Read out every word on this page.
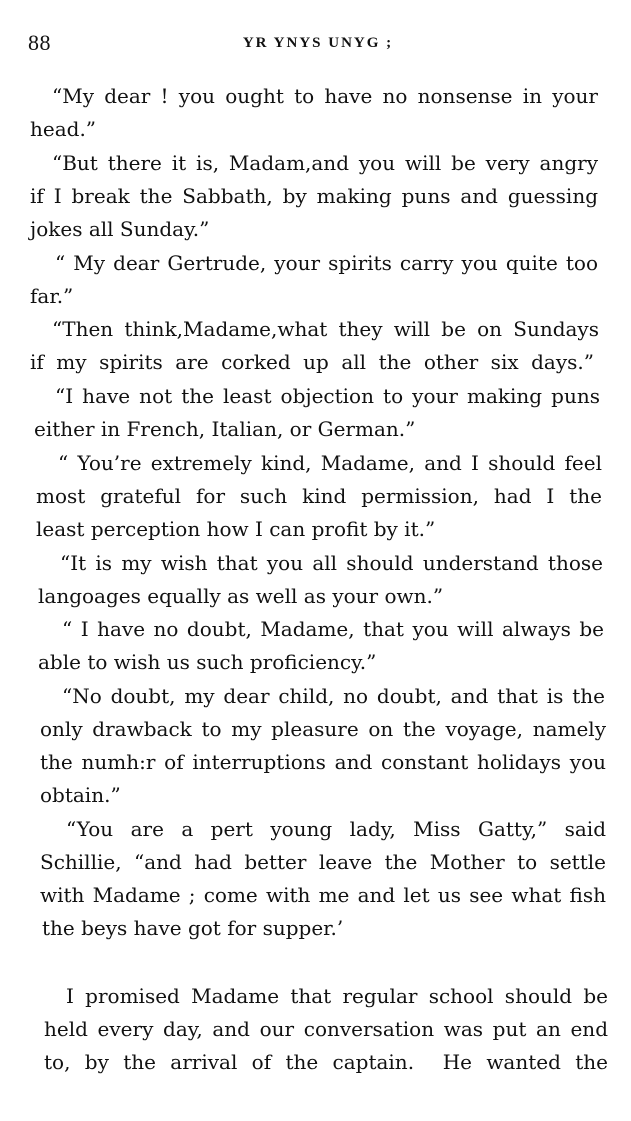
88	YR YNYS UNYG ;
“My dear ! you ought to have no nonsense in your
head.”
“But there it is, Madam,and you will be very angry
if I break the Sabbath, by making puns and guessing
jokes all Sunday.”
“ My dear Gertrude, your spirits carry you quite too
far.”
“Then think,Madame,what they will be on Sundays
if my spirits are corked up all the other six days.”
“I have not the least objection to your making puns
either in French, Italian, or German.”
“ You’re extremely kind, Madame, and I should feel
most grateful for such kind permission, had I the
least perception how I can profit by it.”
“It is my wish that you all should understand those
langoages equally as well as your own.”
“ I have no doubt, Madame, that you will always be
able to wish us such proficiency.”
“No doubt, my dear child, no doubt, and that is the
only drawback to my pleasure on the voyage, namely
the numh:r of interruptions and constant holidays you
obtain.”
“You are a pert young lady, Miss Gatty,” said
Schillie, “and had better leave the Mother to settle
with Madame ; come with me and let us see what fish
the beys have got for supper.’
I promised Madame that regular school should be
held every day, and our conversation was put an end
to, by the arrival of the captain.  He wanted the
